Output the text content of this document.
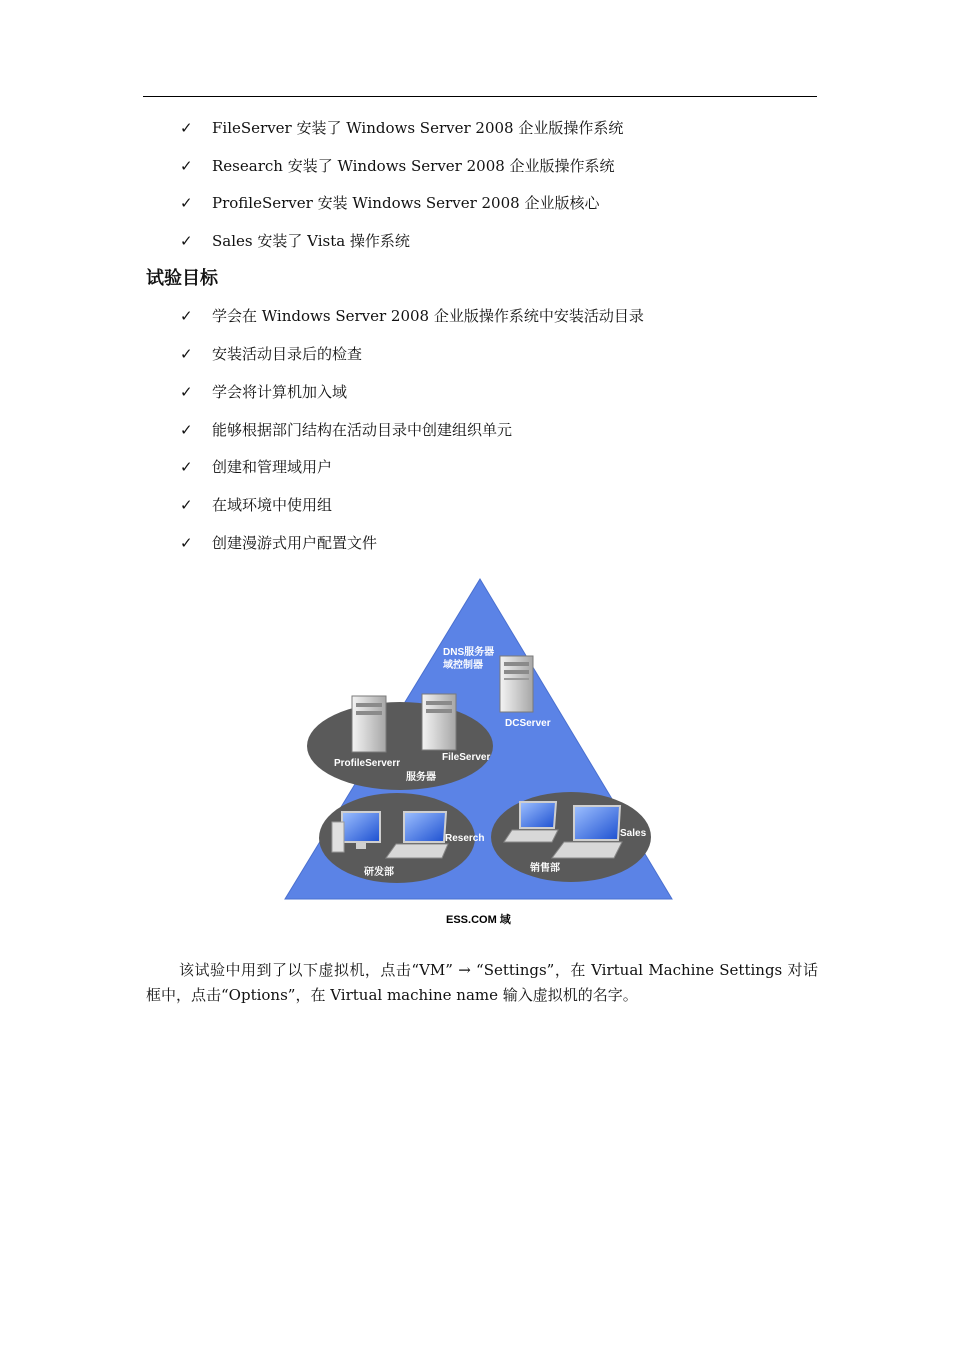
✓ FileServer 安装了 Windows Server 2008 企业版操作系统
✓ Research 安装了 Windows Server 2008 企业版操作系统
✓ ProfileServer 安装 Windows Server 2008 企业版核心
✓ Sales 安装了 Vista 操作系统
试验目标
✓ 学会在 Windows Server 2008 企业版操作系统中安装活动目录
✓ 安装活动目录后的检查
✓ 学会将计算机加入域
✓ 能够根据部门结构在活动目录中创建组织单元
✓ 创建和管理域用户
✓ 在域环境中使用组
✓ 创建漫游式用户配置文件
DNS服务器
域控制器
DCServer
ProfileServerr
FileServer
服务器
Reserch
研发部
Sales
销售部
ESS.COM 域

该试验中用到了以下虚拟机，点击“VM” → “Settings”，在 Virtual Machine Settings 对话框中，点击“Options”，在 Virtual machine name 输入虚拟机的名字。
